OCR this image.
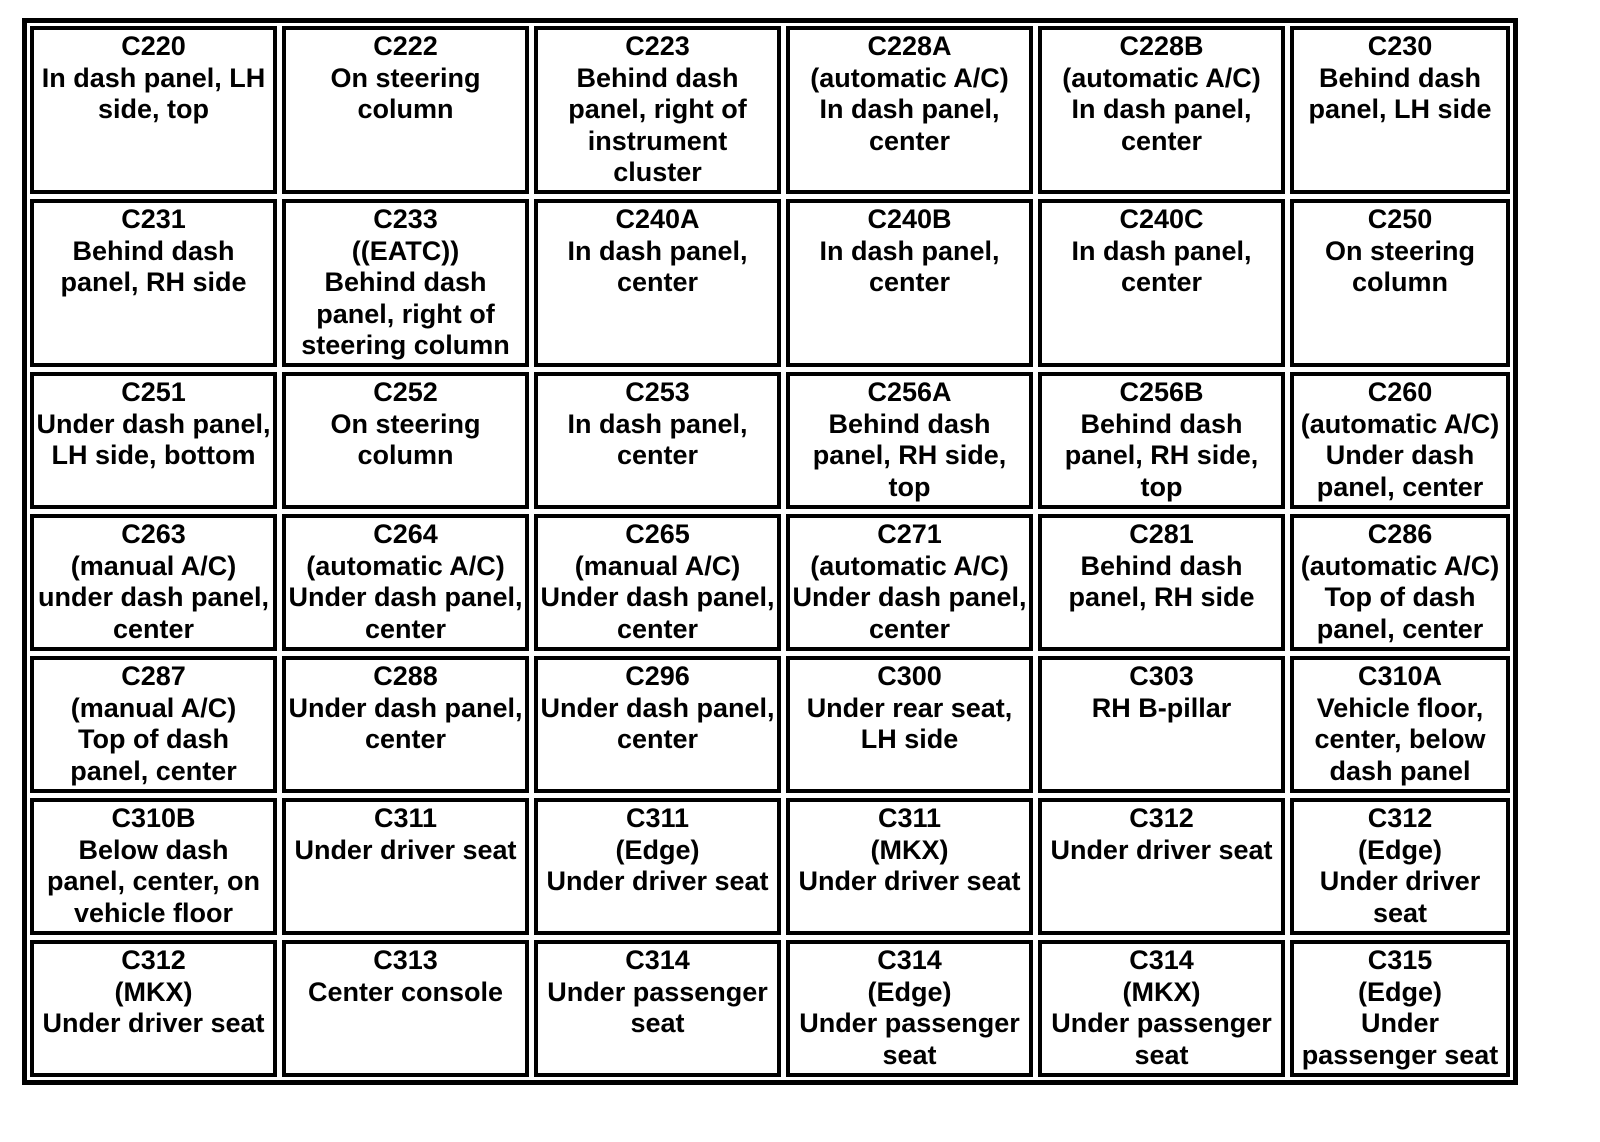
C220
In dash panel, LH
side, top
C222
On steering
column
C223
Behind dash
panel, right of
instrument
cluster
C228A
(automatic A/C)
In dash panel,
center
C228B
(automatic A/C)
In dash panel,
center
C230
Behind dash
panel, LH side
C231
Behind dash
panel, RH side
C233
((EATC))
Behind dash
panel, right of
steering column
C240A
In dash panel,
center
C240B
In dash panel,
center
C240C
In dash panel,
center
C250
On steering
column
C251
Under dash panel,
LH side, bottom
C252
On steering
column
C253
In dash panel,
center
C256A
Behind dash
panel, RH side,
top
C256B
Behind dash
panel, RH side,
top
C260
(automatic A/C)
Under dash
panel, center
C263
(manual A/C)
under dash panel,
center
C264
(automatic A/C)
Under dash panel,
center
C265
(manual A/C)
Under dash panel,
center
C271
(automatic A/C)
Under dash panel,
center
C281
Behind dash
panel, RH side
C286
(automatic A/C)
Top of dash
panel, center
C287
(manual A/C)
Top of dash
panel, center
C288
Under dash panel,
center
C296
Under dash panel,
center
C300
Under rear seat,
LH side
C303
RH B-pillar
C310A
Vehicle floor,
center, below
dash panel
C310B
Below dash
panel, center, on
vehicle floor
C311
Under driver seat
C311
(Edge)
Under driver seat
C311
(MKX)
Under driver seat
C312
Under driver seat
C312
(Edge)
Under driver
seat
C312
(MKX)
Under driver seat
C313
Center console
C314
Under passenger
seat
C314
(Edge)
Under passenger
seat
C314
(MKX)
Under passenger
seat
C315
(Edge)
Under
passenger seat
